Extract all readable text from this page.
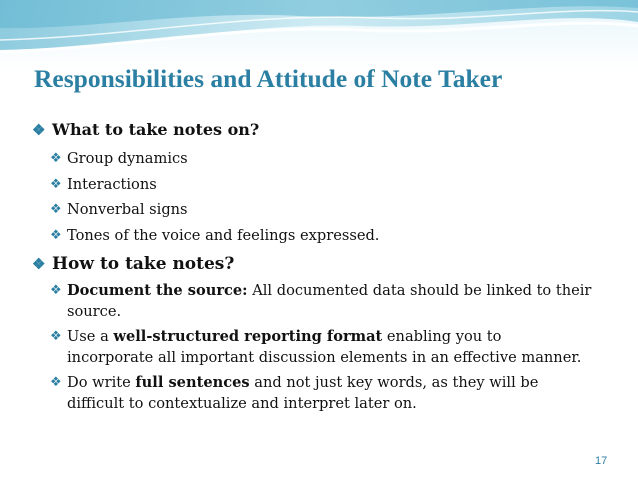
Responsibilities and Attitude of Note Taker
❖ What to take notes on?
❖ Group dynamics
❖ Interactions
❖ Nonverbal signs
❖ Tones of the voice and feelings expressed.
❖ How to take notes?
❖ Document the source: All documented data should be linked to their source.
❖ Use a well-structured reporting format enabling you to incorporate all important discussion elements in an effective manner.
❖ Do write full sentences and not just key words, as they will be difficult to contextualize and interpret later on.
17
